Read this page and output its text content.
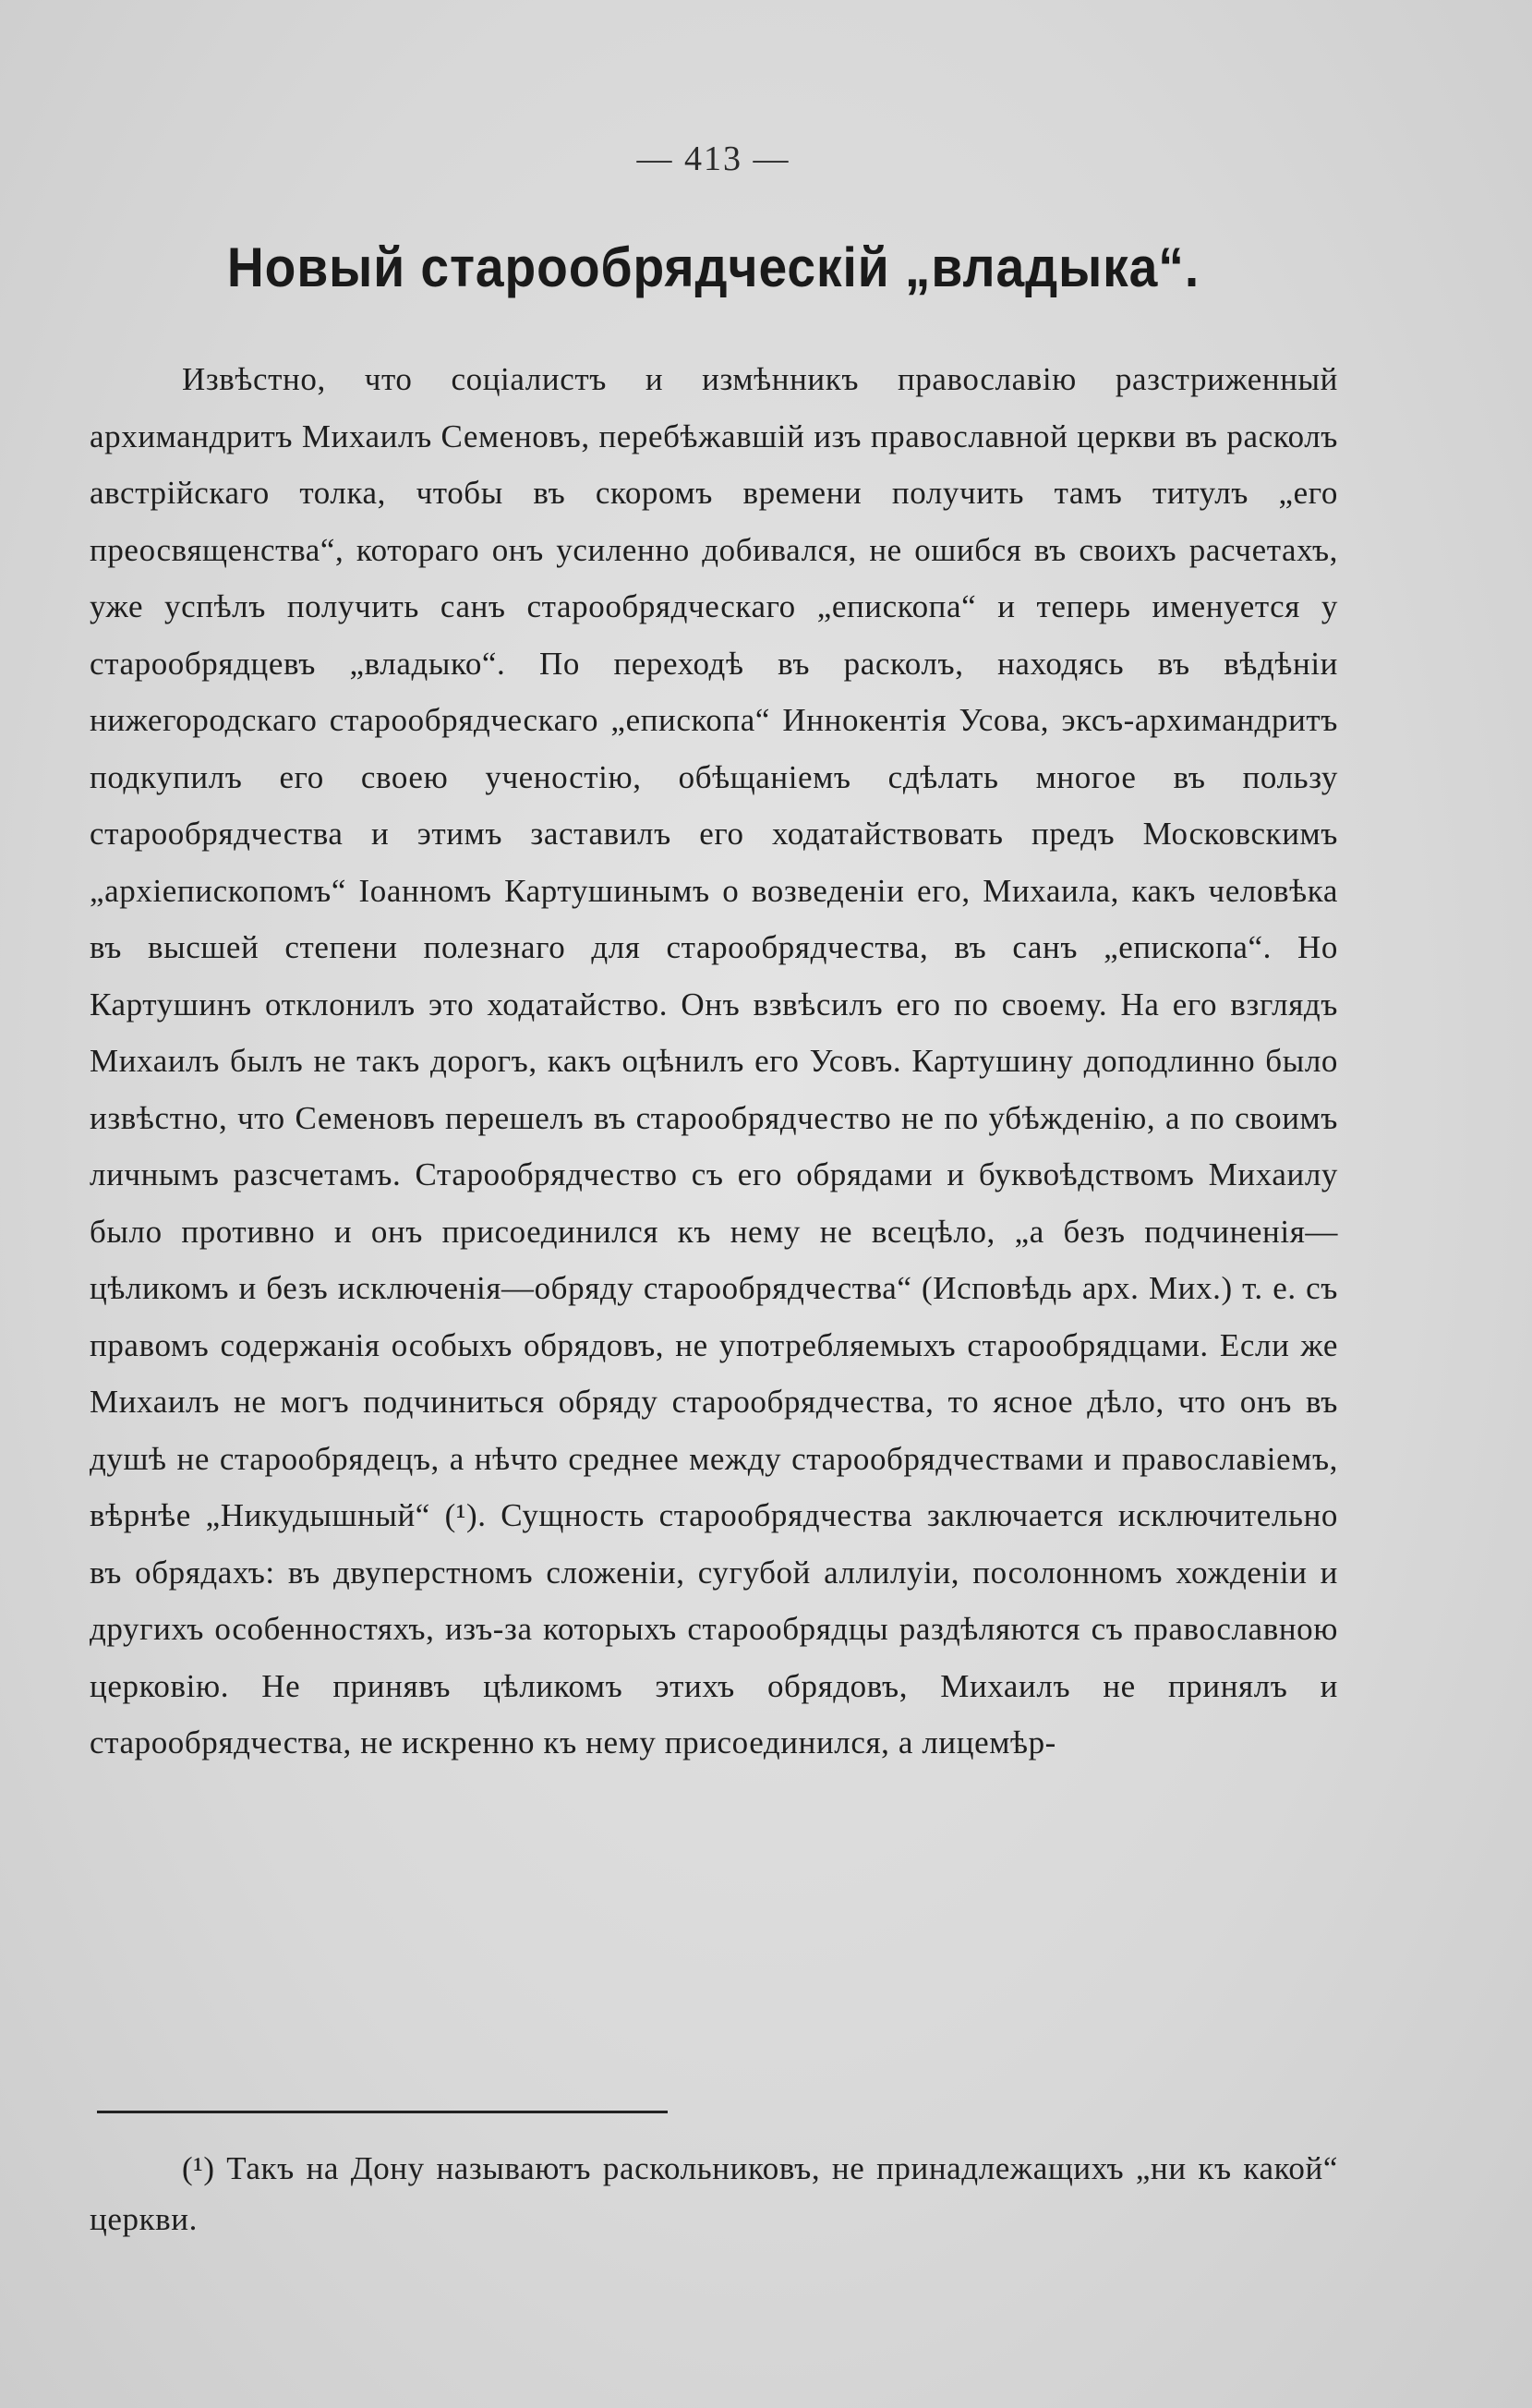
— 413 —
Новый старообрядческій „владыка“.

Извѣстно, что соціалистъ и измѣнникъ православію разстриженный архимандритъ Михаилъ Семеновъ, перебѣжавшій изъ православной церкви въ расколъ австрійскаго толка, чтобы въ скоромъ времени получить тамъ титулъ „его преосвященства“, котораго онъ усиленно добивался, не ошибся въ своихъ расчетахъ, уже успѣлъ получить санъ старообрядческаго „епископа“ и теперь именуется у старообрядцевъ „владыко“. По переходѣ въ расколъ, находясь въ вѣдѣніи нижегородскаго старообрядческаго „епископа“ Иннокентія Усова, эксъ-архимандритъ подкупилъ его своею ученостію, обѣщаніемъ сдѣлать многое въ пользу старообрядчества и этимъ заставилъ его ходатайствовать предъ Московскимъ „архіепископомъ“ Іоанномъ Картушинымъ о возведеніи его, Михаила, какъ человѣка въ высшей степени полезнаго для старообрядчества, въ санъ „епископа“. Но Картушинъ отклонилъ это ходатайство. Онъ взвѣсилъ его по своему. На его взглядъ Михаилъ былъ не такъ дорогъ, какъ оцѣнилъ его Усовъ. Картушину доподлинно было извѣстно, что Семеновъ перешелъ въ старообрядчество не по убѣжденію, а по своимъ личнымъ разсчетамъ. Старообрядчество съ его обрядами и буквоѣдствомъ Михаилу было противно и онъ присоединился къ нему не всецѣло, „а безъ подчиненія—цѣликомъ и безъ исключенія—обряду старообрядчества“ (Исповѣдь арх. Мих.) т. е. съ правомъ содержанія особыхъ обрядовъ, не употребляемыхъ старообрядцами. Если же Михаилъ не могъ подчиниться обряду старообрядчества, то ясное дѣло, что онъ въ душѣ не старообрядецъ, а нѣчто среднее между старообрядчествами и православіемъ, вѣрнѣе „Никудышный“ (¹). Сущность старообрядчества заключается исключительно въ обрядахъ: въ двуперстномъ сложеніи, сугубой аллилуіи, посолонномъ хожденіи и другихъ особенностяхъ, изъ-за которыхъ старообрядцы раздѣляются съ православною церковію. Не принявъ цѣликомъ этихъ обрядовъ, Михаилъ не принялъ и старообрядчества, не искренно къ нему присоединился, а лицемѣр-

(¹) Такъ на Дону называютъ раскольниковъ, не принадлежащихъ „ни къ какой“ церкви.
